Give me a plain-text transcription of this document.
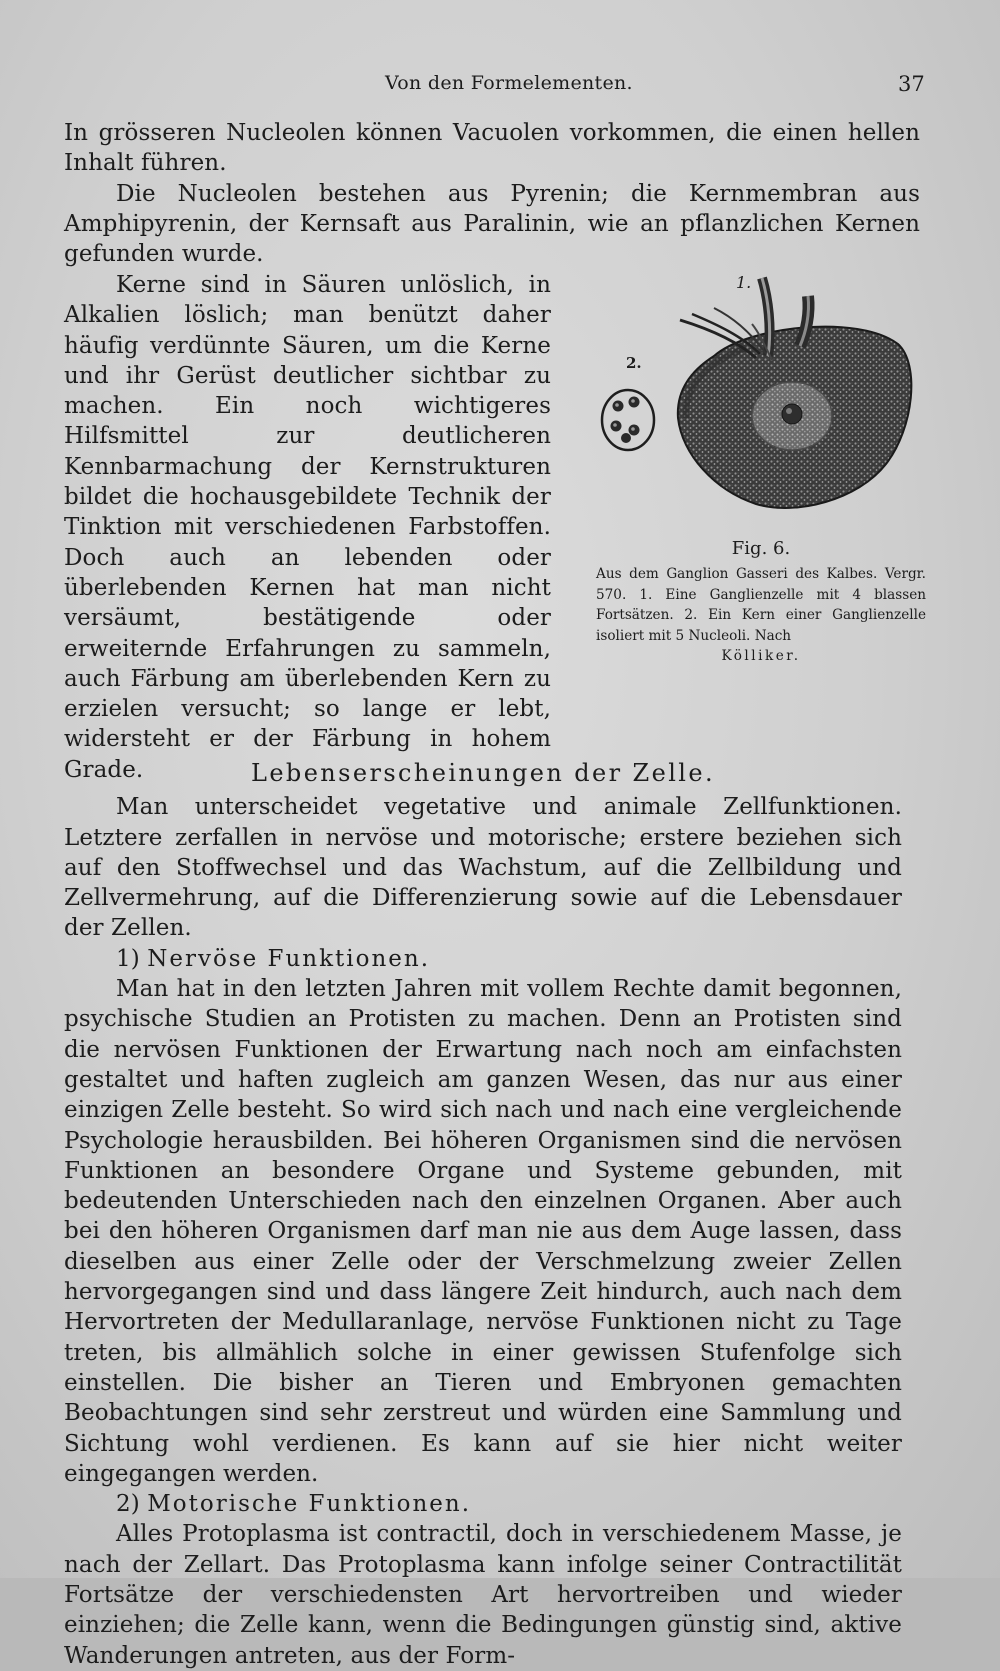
Von den Formelementen.	37

In grösseren Nucleolen können Vacuolen vorkommen, die einen hellen Inhalt führen.

Die Nucleolen bestehen aus Pyrenin; die Kernmembran aus Amphipyrenin, der Kernsaft aus Paralinin, wie an pflanzlichen Kernen gefunden wurde.

Kerne sind in Säuren unlöslich, in Alkalien löslich; man benützt daher häufig verdünnte Säuren, um die Kerne und ihr Gerüst deutlicher sichtbar zu machen. Ein noch wichtigeres Hilfsmittel zur deutlicheren Kennbarmachung der Kernstrukturen bildet die hochausgebildete Technik der Tinktion mit verschiedenen Farbstoffen. Doch auch an lebenden oder überlebenden Kernen hat man nicht versäumt, bestätigende oder erweiternde Erfahrungen zu sammeln, auch Färbung am überlebenden Kern zu erzielen versucht; so lange er lebt, widersteht er der Färbung in hohem Grade.

1.
2.
Fig. 6.
Aus dem Ganglion Gasseri des Kalbes. Vergr. 570. 1. Eine Ganglienzelle mit 4 blassen Fortsätzen. 2. Ein Kern einer Ganglienzelle isoliert mit 5 Nucleoli. Nach
Kölliker.
Lebenserscheinungen der Zelle.

Man unterscheidet vegetative und animale Zellfunktionen. Letztere zerfallen in nervöse und motorische; erstere beziehen sich auf den Stoffwechsel und das Wachstum, auf die Zellbildung und Zellvermehrung, auf die Differenzierung sowie auf die Lebensdauer der Zellen.

1) Nervöse Funktionen.

Man hat in den letzten Jahren mit vollem Rechte damit begonnen, psychische Studien an Protisten zu machen. Denn an Protisten sind die nervösen Funktionen der Erwartung nach noch am einfachsten gestaltet und haften zugleich am ganzen Wesen, das nur aus einer einzigen Zelle besteht. So wird sich nach und nach eine vergleichende Psychologie herausbilden. Bei höheren Organismen sind die nervösen Funktionen an besondere Organe und Systeme gebunden, mit bedeutenden Unterschieden nach den einzelnen Organen. Aber auch bei den höheren Organismen darf man nie aus dem Auge lassen, dass dieselben aus einer Zelle oder der Verschmelzung zweier Zellen hervorgegangen sind und dass längere Zeit hindurch, auch nach dem Hervortreten der Medullaranlage, nervöse Funktionen nicht zu Tage treten, bis allmählich solche in einer gewissen Stufenfolge sich einstellen. Die bisher an Tieren und Embryonen gemachten Beobachtungen sind sehr zerstreut und würden eine Sammlung und Sichtung wohl verdienen. Es kann auf sie hier nicht weiter eingegangen werden.

2) Motorische Funktionen.

Alles Protoplasma ist contractil, doch in verschiedenem Masse, je nach der Zellart. Das Protoplasma kann infolge seiner Contractilität Fortsätze der verschiedensten Art hervortreiben und wieder einziehen; die Zelle kann, wenn die Bedingungen günstig sind, aktive Wanderungen antreten, aus der Form-
